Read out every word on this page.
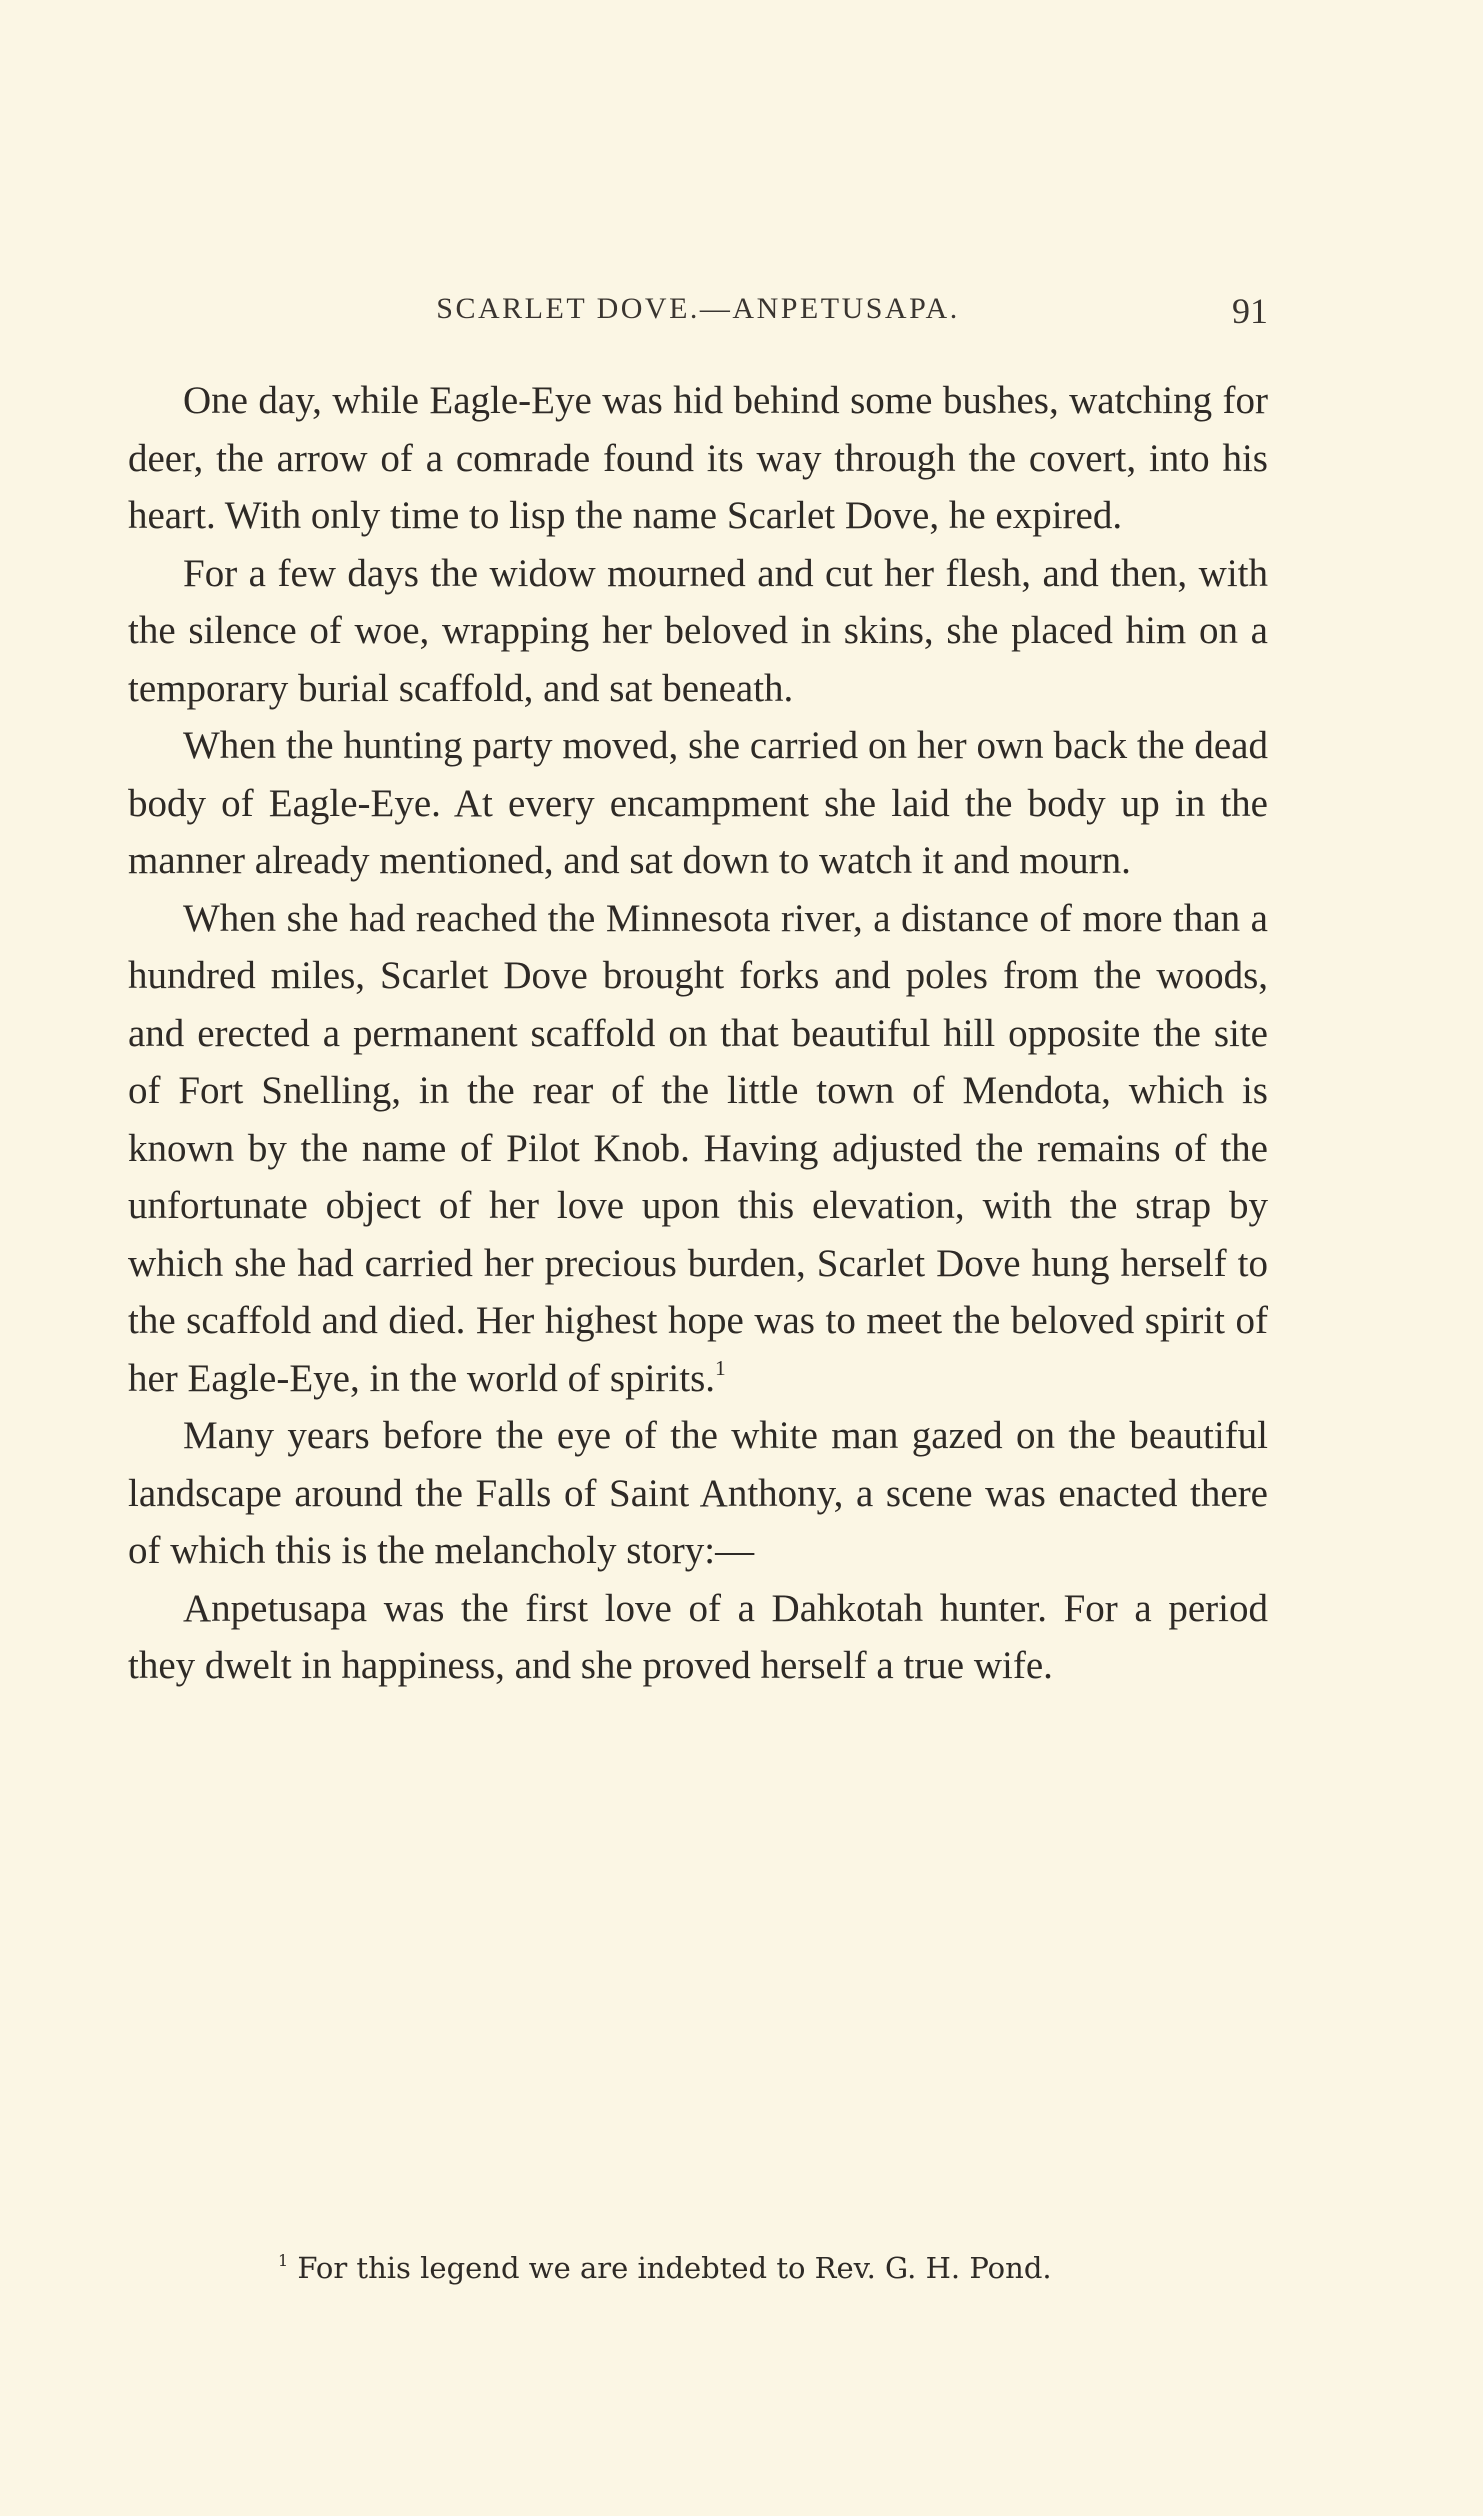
SCARLET DOVE.—ANPETUSAPA.	91

One day, while Eagle-Eye was hid behind some bushes, watching for deer, the arrow of a comrade found its way through the covert, into his heart. With only time to lisp the name Scarlet Dove, he expired.

For a few days the widow mourned and cut her flesh, and then, with the silence of woe, wrapping her beloved in skins, she placed him on a temporary burial scaffold, and sat beneath.

When the hunting party moved, she carried on her own back the dead body of Eagle-Eye. At every encampment she laid the body up in the manner already mentioned, and sat down to watch it and mourn.

When she had reached the Minnesota river, a distance of more than a hundred miles, Scarlet Dove brought forks and poles from the woods, and erected a permanent scaffold on that beautiful hill opposite the site of Fort Snelling, in the rear of the little town of Mendota, which is known by the name of Pilot Knob. Having adjusted the remains of the unfortunate object of her love upon this elevation, with the strap by which she had carried her precious burden, Scarlet Dove hung herself to the scaffold and died. Her highest hope was to meet the beloved spirit of her Eagle-Eye, in the world of spirits.$^1$

Many years before the eye of the white man gazed on the beautiful landscape around the Falls of Saint Anthony, a scene was enacted there of which this is the melancholy story:—

Anpetusapa was the first love of a Dahkotah hunter. For a period they dwelt in happiness, and she proved herself a true wife.

$^1$ For this legend we are indebted to Rev. G. H. Pond.
